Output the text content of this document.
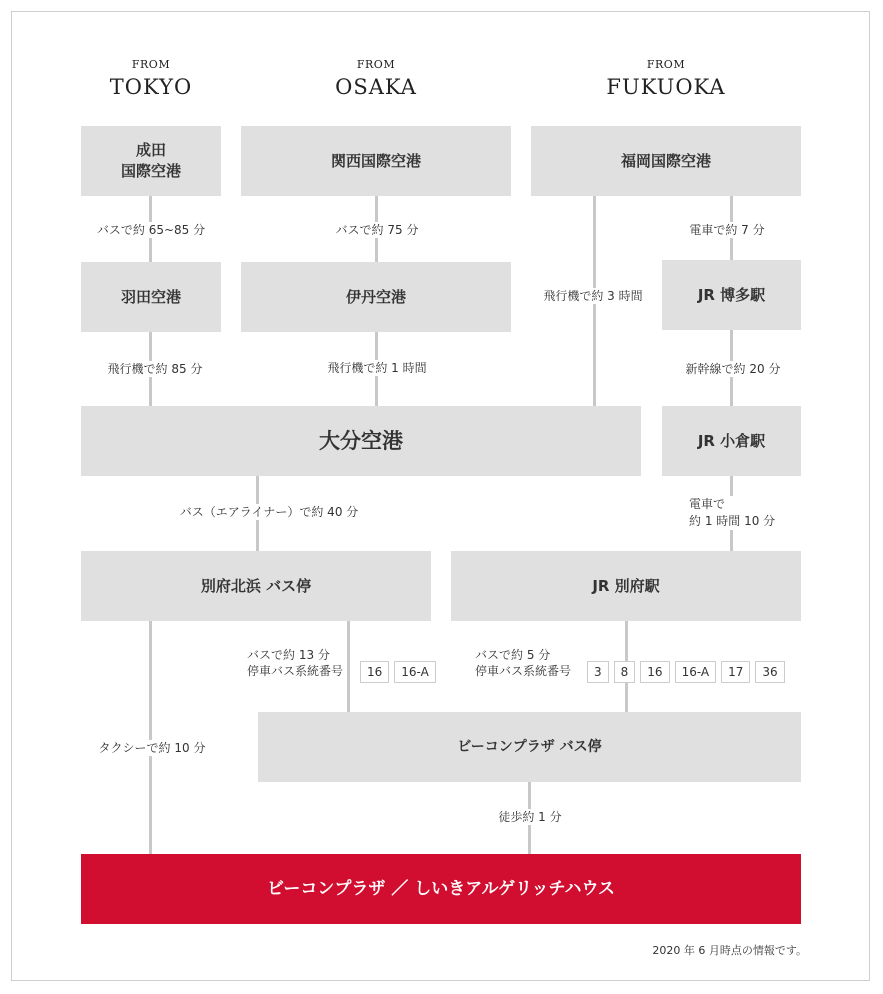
FROM
TOKYO
FROM
OSAKA
FROM
FUKUOKA
成田
国際空港
関西国際空港	福岡国際空港
羽田空港	伊丹空港	JR 博多駅
大分空港	JR 小倉駅
別府北浜 バス停	JR 別府駅
ビーコンプラザ バス停
ビーコンプラザ ／ しいきアルゲリッチハウス
バスで約 65~85 分	バスで約 75 分	電車で約 7 分
飛行機で約 3 時間
飛行機で約 85 分	飛行機で約 1 時間	新幹線で約 20 分
バス（エアライナー）で約 40 分
電車で
約 1 時間 10 分
タクシーで約 10 分
バスで約 13 分
停車バス系統番号
バスで約 5 分
停車バス系統番号
徒歩約 1 分
16	16-A	3	8	16	16-A	17	36
2020 年 6 月時点の情報です。
